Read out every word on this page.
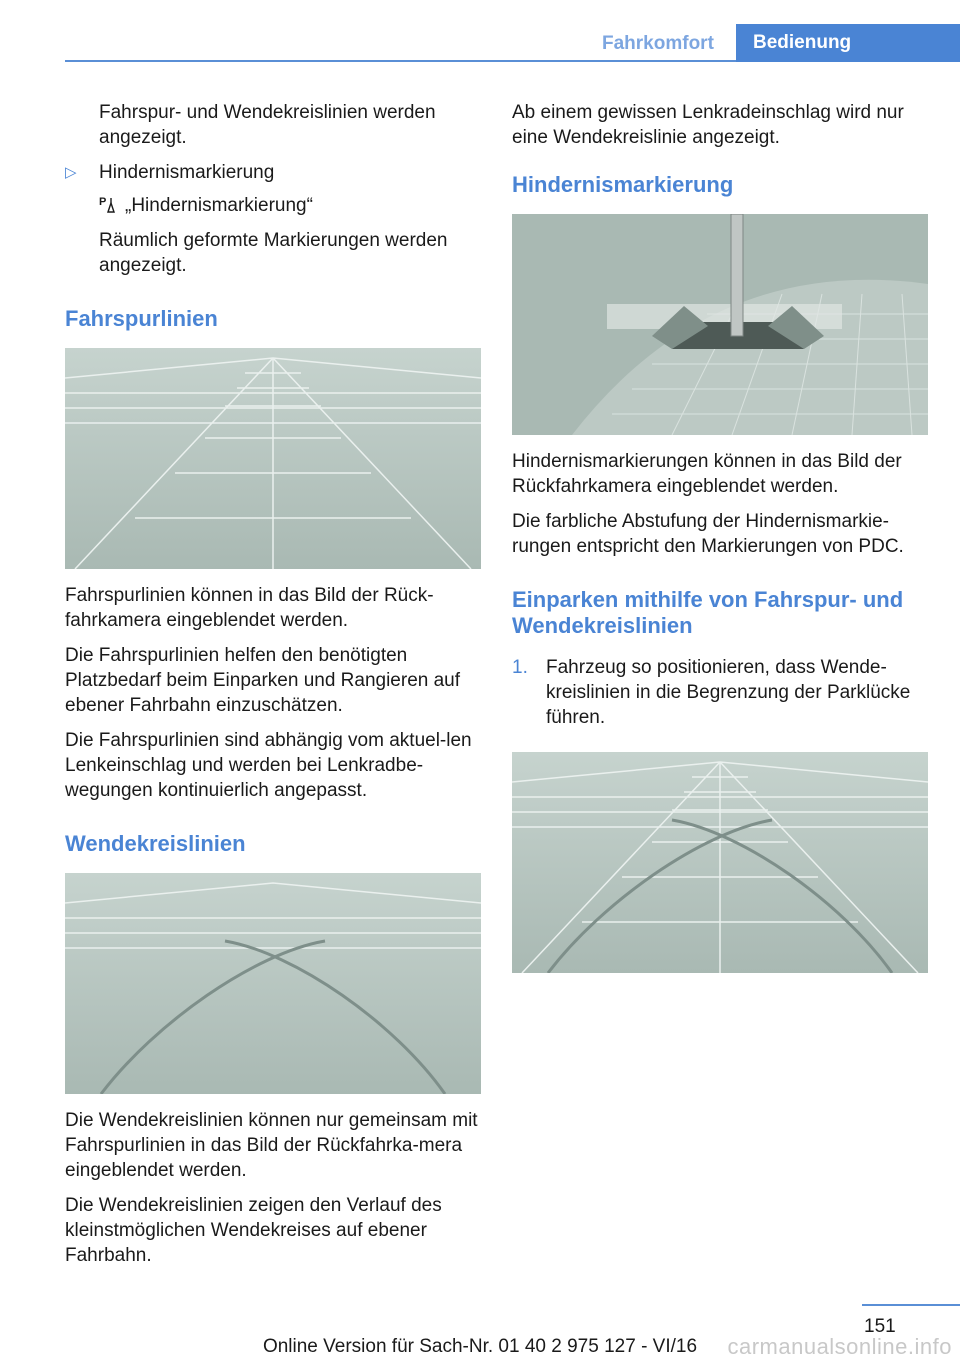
Fahrkomfort	Bedienung

Fahrspur- und Wendekreislinien werden angezeigt.

▷ Hindernismarkierung

P „Hindernismarkierung“

Räumlich geformte Markierungen werden angezeigt.

Fahrspurlinien

Fahrspurlinien können in das Bild der Rück-fahrkamera eingeblendet werden.

Die Fahrspurlinien helfen den benötigten Platzbedarf beim Einparken und Rangieren auf ebener Fahrbahn einzuschätzen.

Die Fahrspurlinien sind abhängig vom aktuel-len Lenkeinschlag und werden bei Lenkradbe-wegungen kontinuierlich angepasst.

Wendekreislinien

Die Wendekreislinien können nur gemeinsam mit Fahrspurlinien in das Bild der Rückfahrka-mera eingeblendet werden.

Die Wendekreislinien zeigen den Verlauf des kleinstmöglichen Wendekreises auf ebener Fahrbahn.

Ab einem gewissen Lenkradeinschlag wird nur eine Wendekreislinie angezeigt.

Hindernismarkierung

Hindernismarkierungen können in das Bild der Rückfahrkamera eingeblendet werden.

Die farbliche Abstufung der Hindernismarkie-rungen entspricht den Markierungen von PDC.

Einparken mithilfe von Fahrspur- und Wendekreislinien
1. Fahrzeug so positionieren, dass Wende-kreislinien in die Begrenzung der Parklücke führen.
151
Online Version für Sach-Nr. 01 40 2 975 127 - VI/16	carmanualsonline.info
